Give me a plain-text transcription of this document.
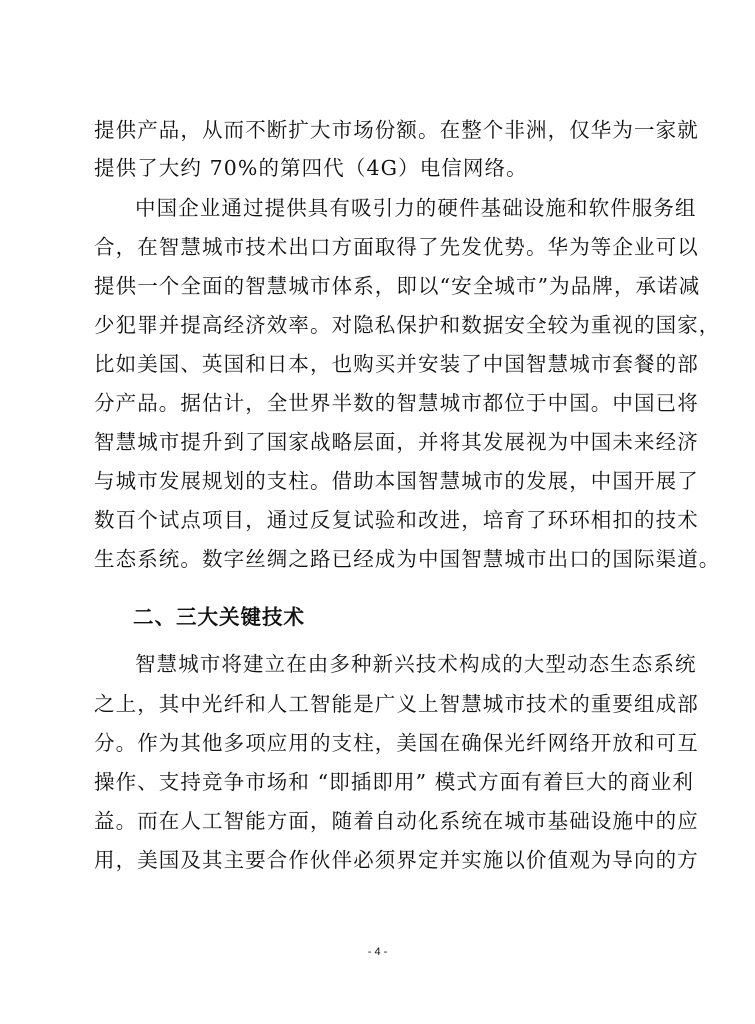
提供产品，从而不断扩大市场份额。在整个非洲，仅华为一家就
提供了大约 70%的第四代（4G）电信网络。
中国企业通过提供具有吸引力的硬件基础设施和软件服务组
合，在智慧城市技术出口方面取得了先发优势。华为等企业可以
提供一个全面的智慧城市体系，即以“安全城市”为品牌，承诺减
少犯罪并提高经济效率。对隐私保护和数据安全较为重视的国家，
比如美国、英国和日本，也购买并安装了中国智慧城市套餐的部
分产品。据估计，全世界半数的智慧城市都位于中国。中国已将
智慧城市提升到了国家战略层面，并将其发展视为中国未来经济
与城市发展规划的支柱。借助本国智慧城市的发展，中国开展了
数百个试点项目，通过反复试验和改进，培育了环环相扣的技术
生态系统。数字丝绸之路已经成为中国智慧城市出口的国际渠道。
二、三大关键技术
智慧城市将建立在由多种新兴技术构成的大型动态生态系统
之上，其中光纤和人工智能是广义上智慧城市技术的重要组成部
分。作为其他多项应用的支柱，美国在确保光纤网络开放和可互
操作、支持竞争市场和 “即插即用” 模式方面有着巨大的商业利
益。而在人工智能方面，随着自动化系统在城市基础设施中的应
用，美国及其主要合作伙伴必须界定并实施以价值观为导向的方
- 4 -
